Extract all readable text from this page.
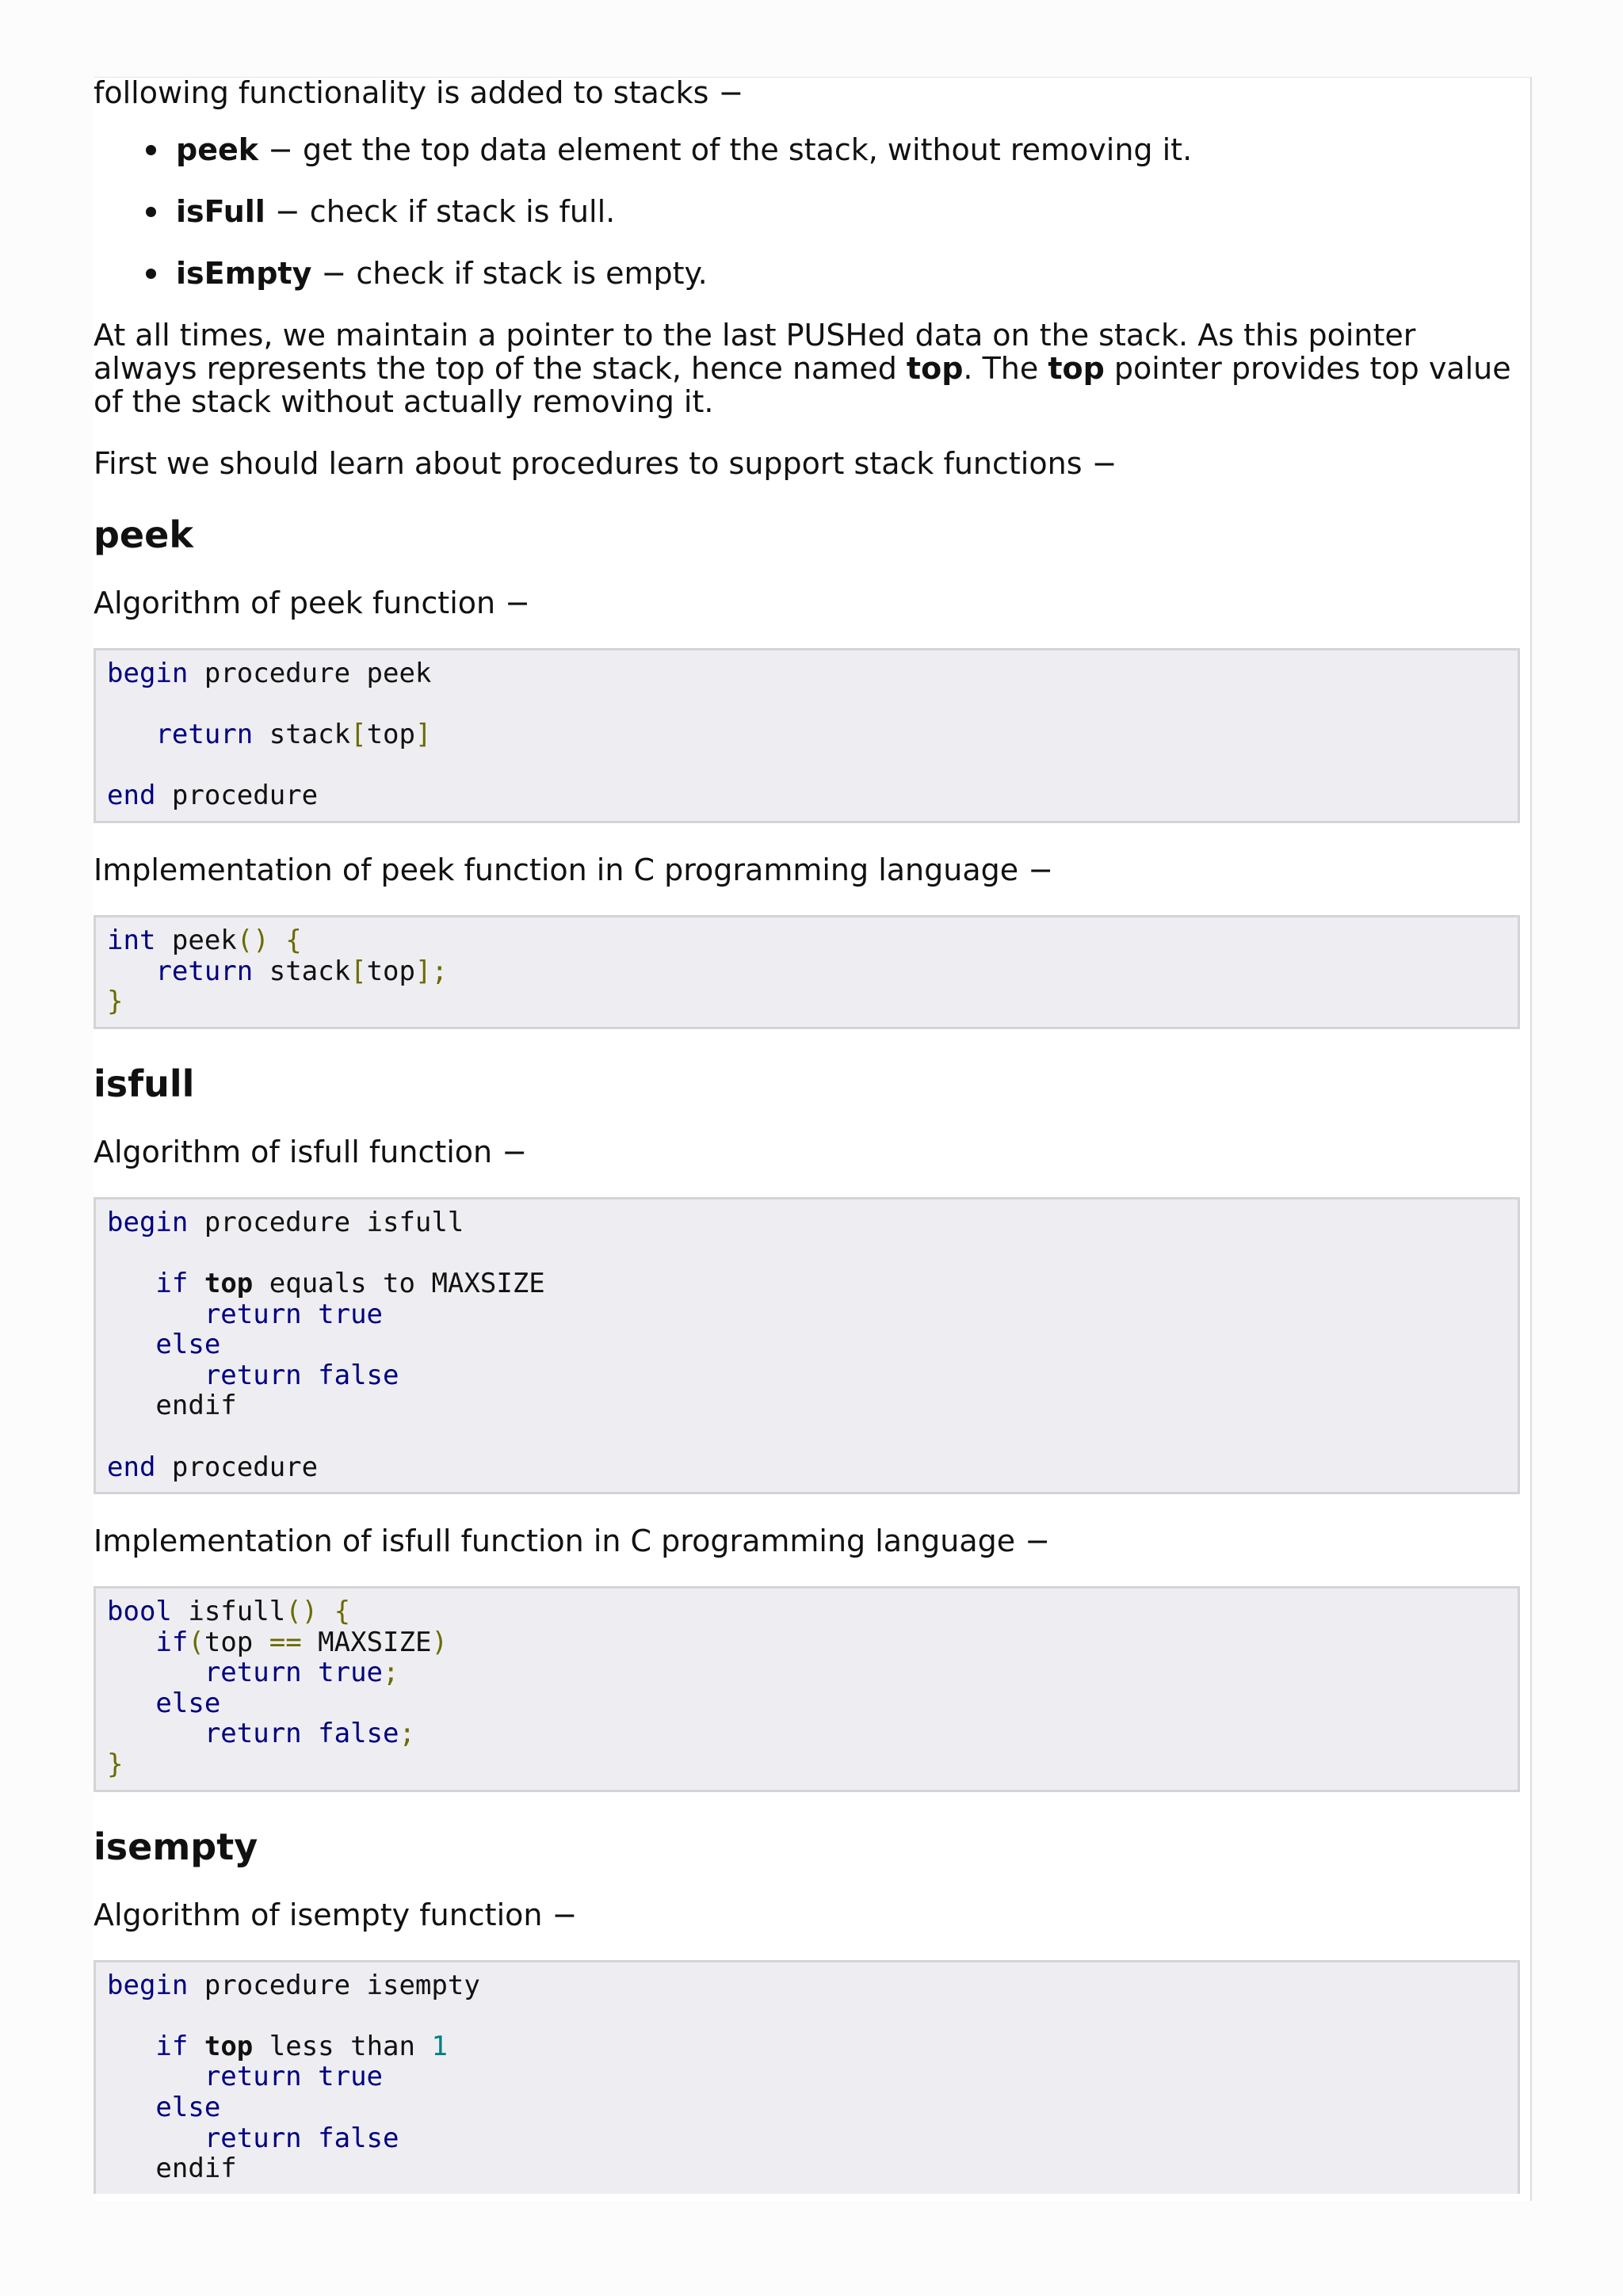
following functionality is added to stacks −

peek − get the top data element of the stack, without removing it.
isFull − check if stack is full.
isEmpty − check if stack is empty.

At all times, we maintain a pointer to the last PUSHed data on the stack. As this pointer always represents the top of the stack, hence named top. The top pointer provides top value of the stack without actually removing it.

First we should learn about procedures to support stack functions −

peek

Algorithm of peek function −

begin procedure peek

return stack[top]

end procedure

Implementation of peek function in C programming language −

int peek() {
return stack[top];
}
isfull

Algorithm of isfull function −

begin procedure isfull

if top equals to MAXSIZE
return true
else
return false
endif

end procedure

Implementation of isfull function in C programming language −

bool isfull() {
if(top == MAXSIZE)
return true;
else
return false;
}
isempty

Algorithm of isempty function −

begin procedure isempty

if top less than 1
return true
else
return false
endif
